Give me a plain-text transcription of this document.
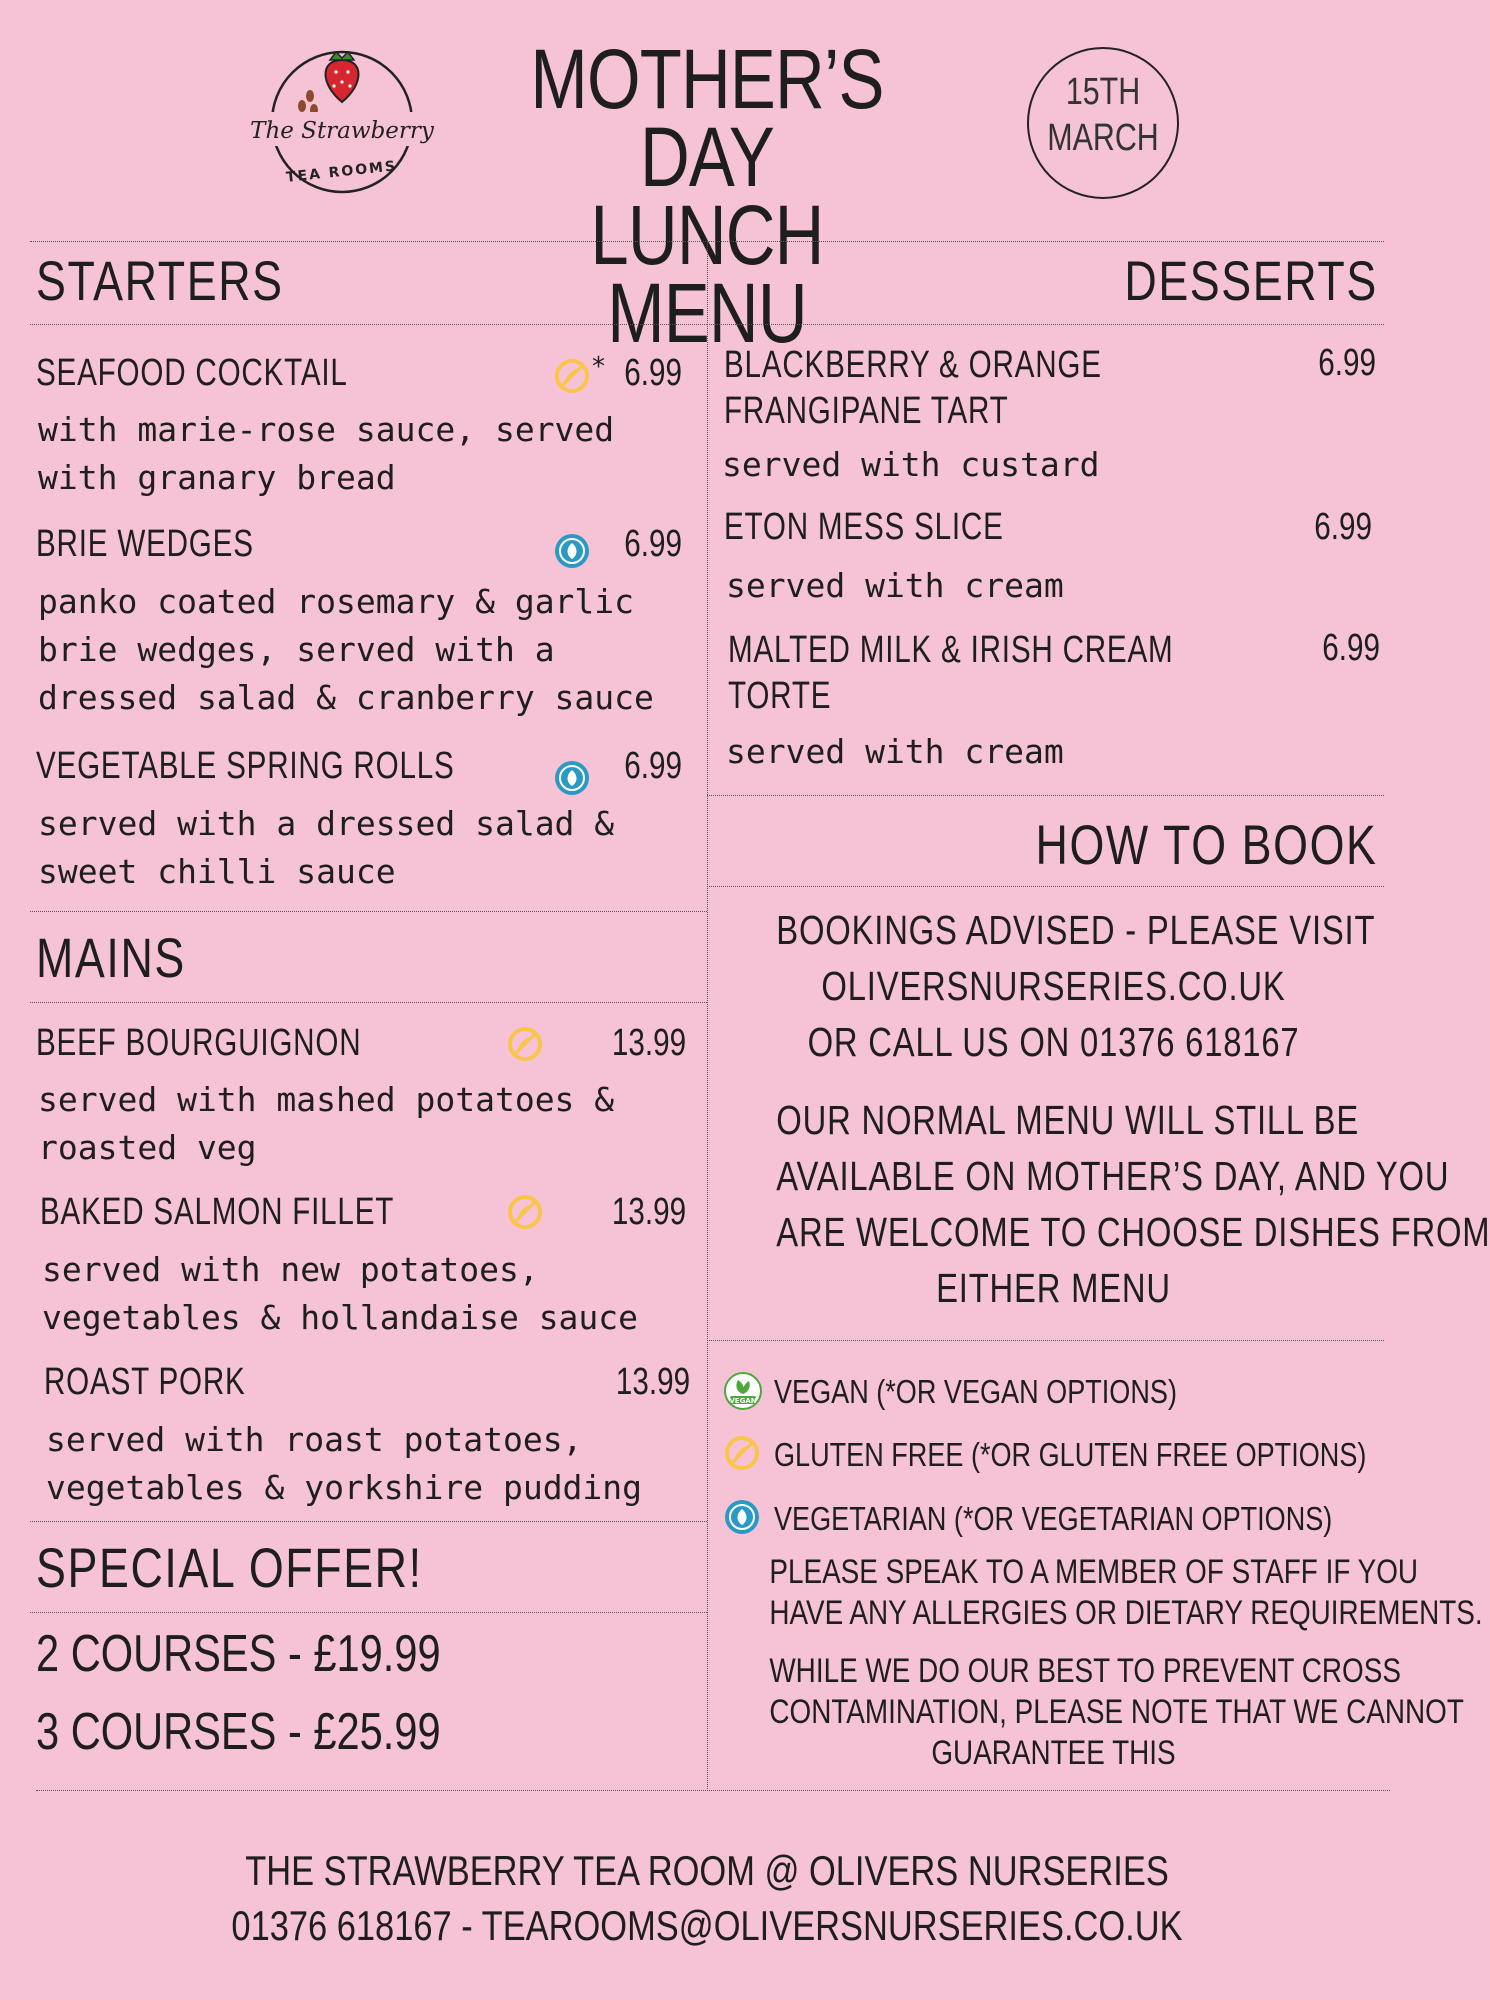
The Strawberry
TEA ROOMS
MOTHER’S DAY
LUNCH MENU
15TH
MARCH
STARTERS
SEAFOOD COCKTAIL	* 6.99
with marie-rose sauce, served
with granary bread
BRIE WEDGES	6.99
panko coated rosemary & garlic
brie wedges, served with a
dressed salad & cranberry sauce
VEGETABLE SPRING ROLLS	6.99
served with a dressed salad &
sweet chilli sauce
MAINS
BEEF BOURGUIGNON	13.99
served with mashed potatoes &
roasted veg
BAKED SALMON FILLET	13.99
served with new potatoes,
vegetables & hollandaise sauce
ROAST PORK	13.99
served with roast potatoes,
vegetables & yorkshire pudding
SPECIAL OFFER!
2 COURSES - £19.99
3 COURSES - £25.99
DESSERTS
BLACKBERRY & ORANGE
FRANGIPANE TART
6.99
served with custard
ETON MESS SLICE	6.99
served with cream
MALTED MILK & IRISH CREAM
TORTE
6.99
served with cream
HOW TO BOOK
BOOKINGS ADVISED - PLEASE VISIT
OLIVERSNURSERIES.CO.UK
OR CALL US ON 01376 618167
OUR NORMAL MENU WILL STILL BE
AVAILABLE ON MOTHER’S DAY, AND YOU
ARE WELCOME TO CHOOSE DISHES FROM
EITHER MENU
VEGAN VEGAN (*OR VEGAN OPTIONS)
GLUTEN FREE (*OR GLUTEN FREE OPTIONS)
VEGETARIAN (*OR VEGETARIAN OPTIONS)
PLEASE SPEAK TO A MEMBER OF STAFF IF YOU
HAVE ANY ALLERGIES OR DIETARY REQUIREMENTS.
WHILE WE DO OUR BEST TO PREVENT CROSS
CONTAMINATION, PLEASE NOTE THAT WE CANNOT
GUARANTEE THIS
THE STRAWBERRY TEA ROOM @ OLIVERS NURSERIES
01376 618167 - TEAROOMS@OLIVERSNURSERIES.CO.UK
